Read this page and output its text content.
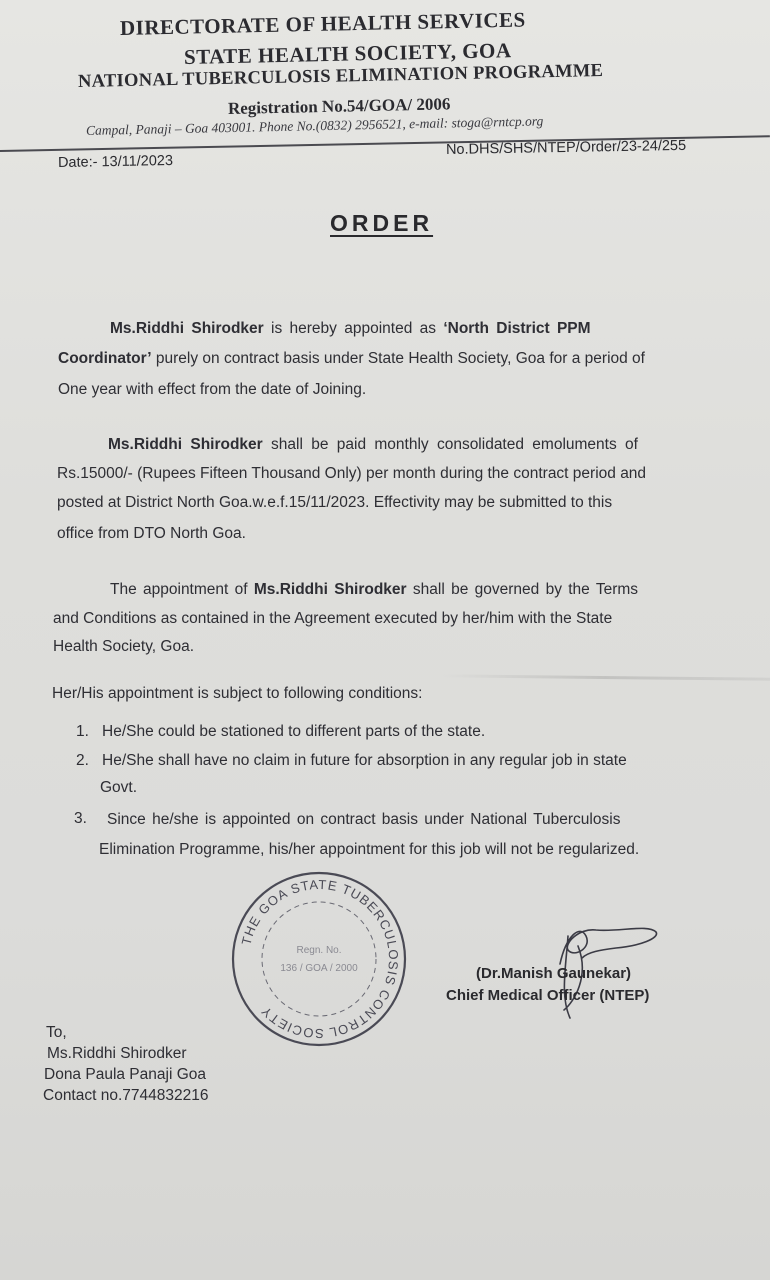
DIRECTORATE OF HEALTH SERVICES
STATE HEALTH SOCIETY, GOA
NATIONAL TUBERCULOSIS ELIMINATION PROGRAMME
Registration No.54/GOA/ 2006
Campal, Panaji – Goa 403001. Phone No.(0832) 2956521, e-mail: stoga@rntcp.org
Date:- 13/11/2023
No.DHS/SHS/NTEP/Order/23-24/255
ORDER
Ms.Riddhi Shirodker is hereby appointed as ‘North District PPM
Coordinator’ purely on contract basis under State Health Society, Goa for a period of
One year with effect from the date of Joining.
Ms.Riddhi Shirodker shall be paid monthly consolidated emoluments of
Rs.15000/- (Rupees Fifteen Thousand Only) per month during the contract period and
posted at District North Goa.w.e.f.15/11/2023. Effectivity may be submitted to this
office from DTO North Goa.
The appointment of Ms.Riddhi Shirodker shall be governed by the Terms
and Conditions as contained in the Agreement executed by her/him with the State
Health Society, Goa.
Her/His appointment is subject to following conditions:
1. He/She could be stationed to different parts of the state.
2. He/She shall have no claim in future for absorption in any regular job in state
Govt.
3. Since he/she is appointed on contract basis under National Tuberculosis
Elimination Programme, his/her appointment for this job will not be regularized.
THE GOA STATE TUBERCULOSIS CONTROL SOCIETY
Regn. No.
136 / GOA / 2000	(Dr.Manish Gaunekar)
Chief Medical Officer (NTEP)
To,
Ms.Riddhi Shirodker
Dona Paula Panaji Goa
Contact no.7744832216
